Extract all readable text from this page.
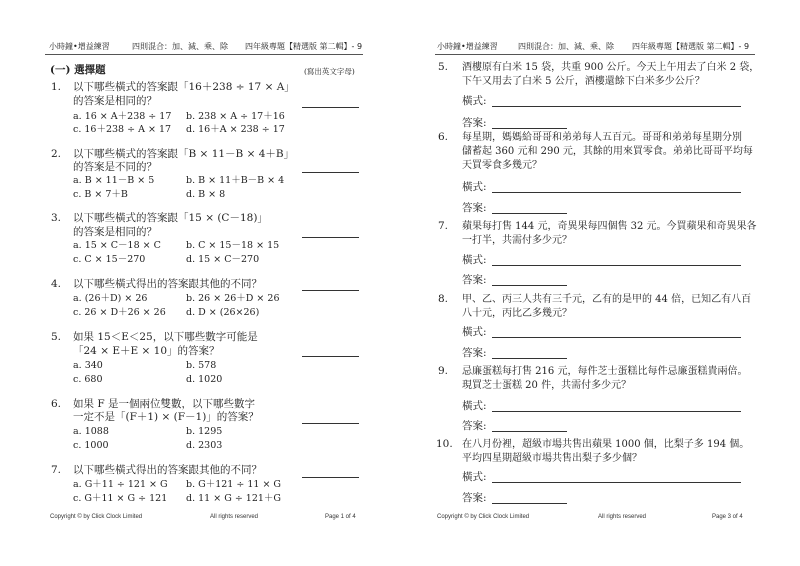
小時鐘•增益練習	四則混合：加、減、乘、除 四年級專題【精選版 第二輯】- 9
(一) 選擇題	(寫出英文字母)
1. 以下哪些橫式的答案跟「16＋238 ÷ 17 × A」
的答案是相同的？
a. 16 × A＋238 ÷ 17 b. 238 × A ÷ 17＋16
c. 16＋238 ÷ A × 17 d. 16＋A × 238 ÷ 17
2. 以下哪些橫式的答案跟「B × 11－B × 4＋B」
的答案是不同的？
a. B × 11－B × 5	b. B × 11＋B－B × 4
c. B × 7＋B	d. B × 8
3. 以下哪些橫式的答案跟「15 × (C－18)」
的答案是相同的？
a. 15 × C－18 × C	b. C × 15－18 × 15
c. C × 15－270	d. 15 × C－270
4. 以下哪些橫式得出的答案跟其他的不同？
a. (26＋D) × 26	b. 26 × 26＋D × 26
c. 26 × D＋26 × 26 d. D × (26×26)
5. 如果 15＜E＜25，以下哪些數字可能是
「24 × E＋E × 10」的答案？
a. 340	b. 578
c. 680	d. 1020
6. 如果 F 是一個兩位雙數，以下哪些數字
一定不是「(F＋1) × (F－1)」的答案？
a. 1088	b. 1295
c. 1000	d. 2303
7. 以下哪些橫式得出的答案跟其他的不同？
a. G＋11 ÷ 121 × G b. G＋121 ÷ 11 × G
c. G＋11 × G ÷ 121 d. 11 × G ÷ 121＋G
Copyright © by Click Clock Limited	All rights reserved	Page 1 of 4
小時鐘•增益練習	四則混合：加、減、乘、除 四年級專題【精選版 第二輯】- 9
5. 酒樓原有白米 15 袋，共重 900 公斤。今天上午用去了白米 2 袋，
下午又用去了白米 5 公斤，酒樓還餘下白米多少公斤？
橫式:
答案:
6. 每星期，媽媽給哥哥和弟弟每人五百元。哥哥和弟弟每星期分別
儲蓄起 360 元和 290 元，其餘的用來買零食。弟弟比哥哥平均每
天買零食多幾元？
橫式:
答案:
7. 蘋果每打售 144 元，奇異果每四個售 32 元。今買蘋果和奇異果各
一打半，共需付多少元？
橫式:
答案:
8. 甲、乙、丙三人共有三千元，乙有的是甲的 44 倍，已知乙有八百
八十元，丙比乙多幾元？
橫式:
答案:
9. 忌廉蛋糕每打售 216 元，每件芝士蛋糕比每件忌廉蛋糕貴兩倍。
現買芝士蛋糕 20 件，共需付多少元？
橫式:
答案:
10. 在八月份裡，超級市場共售出蘋果 1000 個，比梨子多 194 個。
平均四星期超級市場共售出梨子多少個？
橫式:
答案:
Copyright © by Click Clock Limited	All rights reserved	Page 3 of 4
